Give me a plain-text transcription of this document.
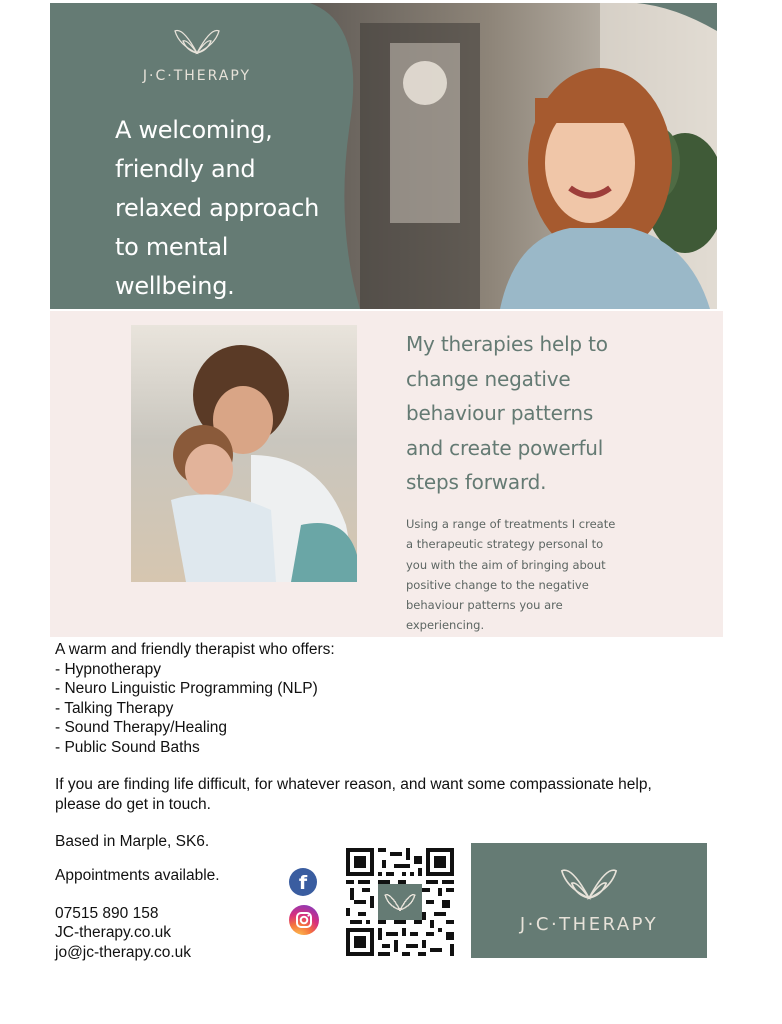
J·C·THERAPY
A welcoming,
friendly and
relaxed approach
to mental
wellbeing.
My therapies help to
change negative
behaviour patterns
and create powerful
steps forward.
Using a range of treatments I create
a therapeutic strategy personal to
you with the aim of bringing about
positive change to the negative
behaviour patterns you are
experiencing.
A warm and friendly therapist who offers:
- Hypnotherapy
- Neuro Linguistic Programming (NLP)
- Talking Therapy
- Sound Therapy/Healing
- Public Sound Baths
If you are finding life difficult, for whatever reason, and want some compassionate help,
please do get in touch.
Based in Marple, SK6.
Appointments available.
07515 890 158
JC-therapy.co.uk
jo@jc-therapy.co.uk
f
J·C·THERAPY
